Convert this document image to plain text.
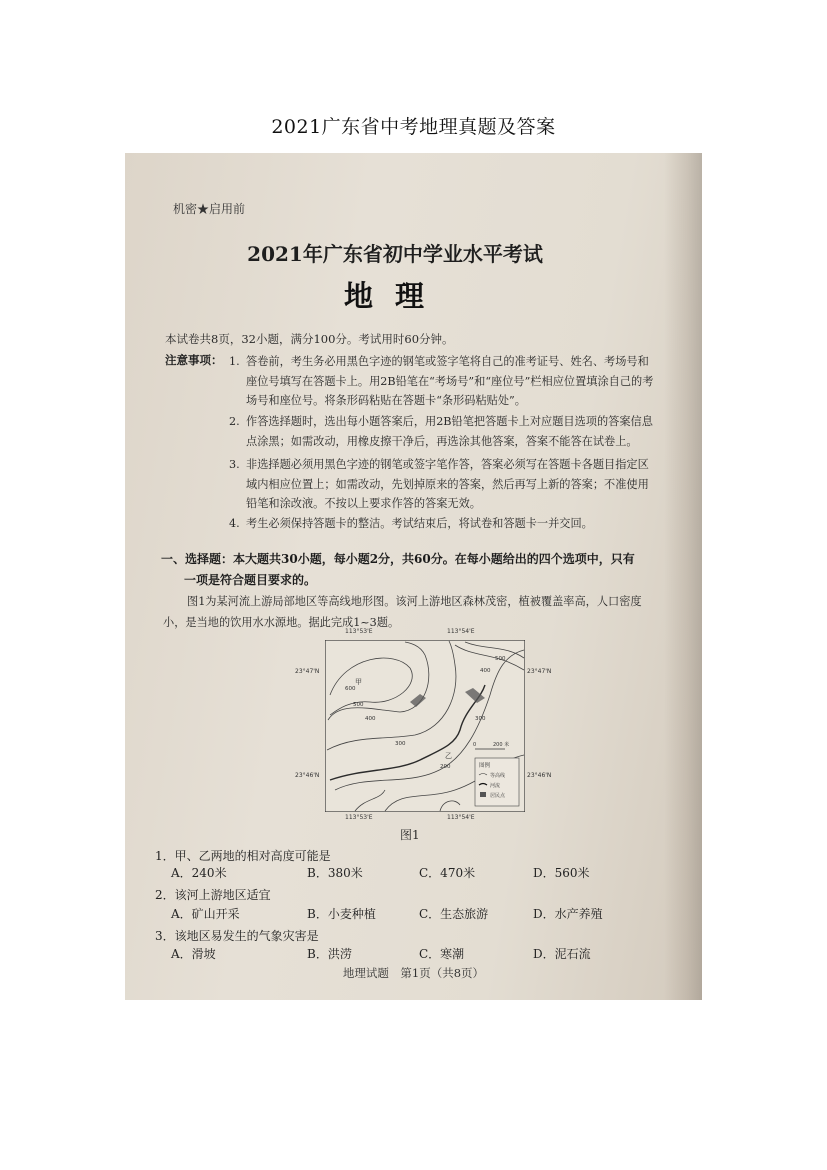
2021广东省中考地理真题及答案
机密★启用前
2021年广东省初中学业水平考试
地理
本试卷共8页，32小题，满分100分。考试用时60分钟。
注意事项： 1. 答卷前，考生务必用黑色字迹的钢笔或签字笔将自己的准考证号、姓名、考场号和座位号填写在答题卡上。用2B铅笔在“考场号”和“座位号”栏相应位置填涂自己的考场号和座位号。将条形码粘贴在答题卡“条形码粘贴处”。
2. 作答选择题时，选出每小题答案后，用2B铅笔把答题卡上对应题目选项的答案信息点涂黑；如需改动，用橡皮擦干净后，再选涂其他答案，答案不能答在试卷上。
3. 非选择题必须用黑色字迹的钢笔或签字笔作答，答案必须写在答题卡各题目指定区域内相应位置上；如需改动，先划掉原来的答案，然后再写上新的答案；不准使用铅笔和涂改液。不按以上要求作答的答案无效。
4. 考生必须保持答题卡的整洁。考试结束后，将试卷和答题卡一并交回。
一、选择题：本大题共30小题，每小题2分，共60分。在每小题给出的四个选项中，只有
一项是符合题目要求的。
图1为某河流上游局部地区等高线地形图。该河上游地区森林茂密，植被覆盖率高，人口密度小，是当地的饮用水水源地。据此完成1~3题。
600
500
400
300
200
300
400
500
甲
乙
图例
等高线
河流
居民点
0	200 米
113°53'E	113°54'E
23°47'N	23°47'N
23°46'N	23°46'N
113°53'E	113°54'E
图1
1．甲、乙两地的相对高度可能是
A．240米	B．380米	C．470米	D．560米
2．该河上游地区适宜
A．矿山开采	B．小麦种植	C．生态旅游	D．水产养殖
3．该地区易发生的气象灾害是
A．滑坡	B．洪涝	C．寒潮	D．泥石流
地理试题　第1页（共8页）
